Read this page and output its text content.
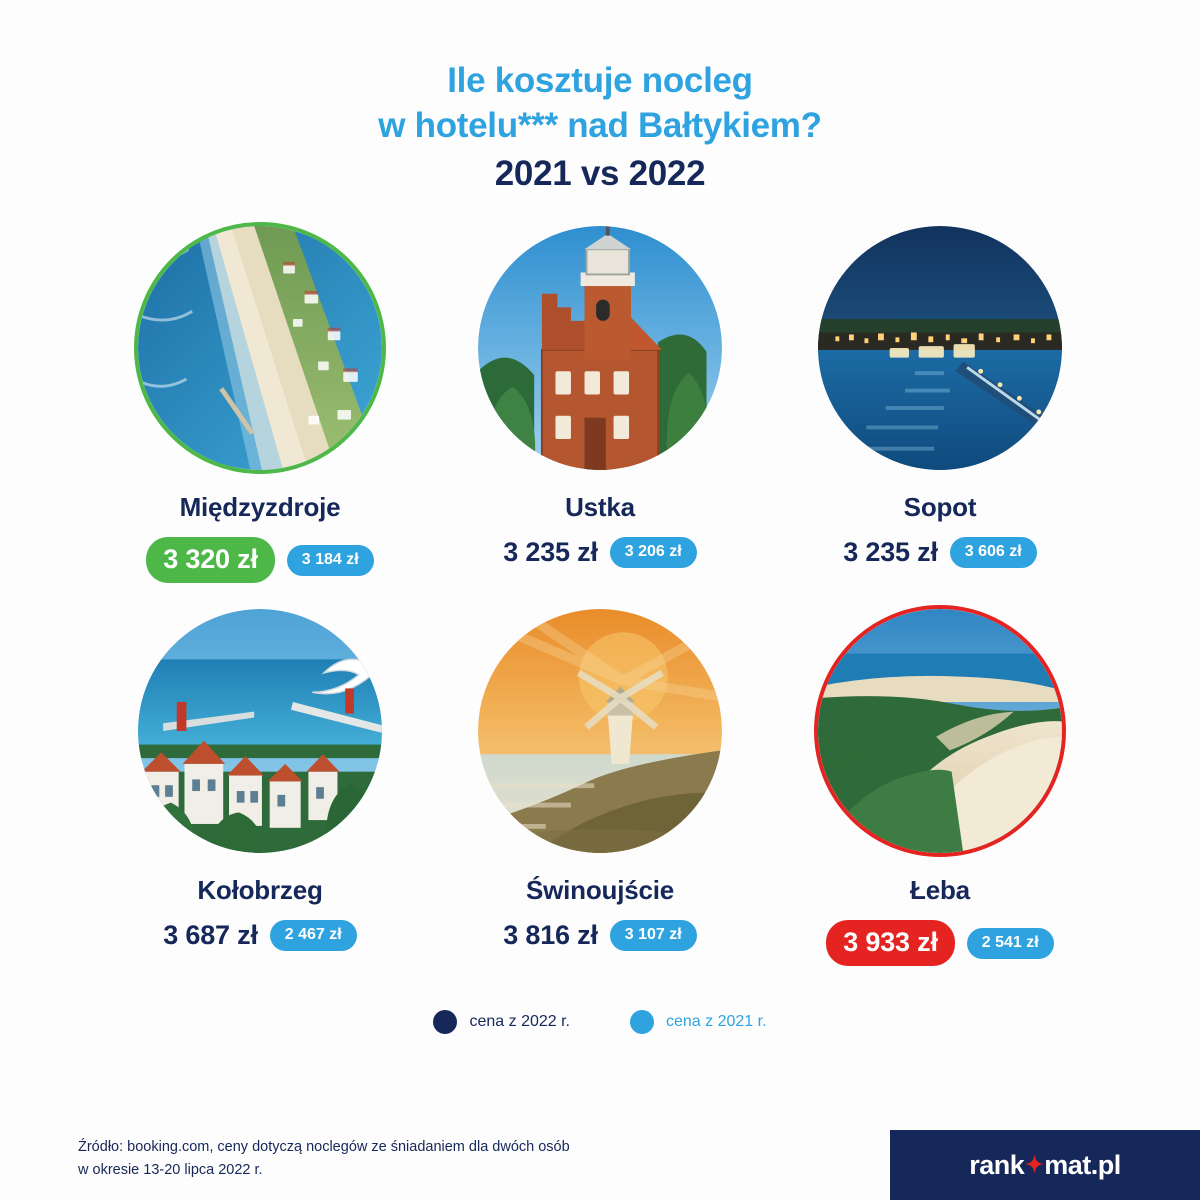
Ile kosztuje nocleg
w hotelu*** nad Bałtykiem?
2021 vs 2022
Międzyzdroje
3 320 zł	3 184 zł
Ustka
3 235 zł	3 206 zł
Sopot
3 235 zł	3 606 zł
Kołobrzeg
3 687 zł	2 467 zł
Świnoujście
3 816 zł	3 107 zł
Łeba
3 933 zł	2 541 zł
cena z 2022 r.	cena z 2021 r.
Źródło: booking.com, ceny dotyczą noclegów ze śniadaniem dla dwóch osób
w okresie 13-20 lipca 2022 r.	rank ✦ mat.pl
